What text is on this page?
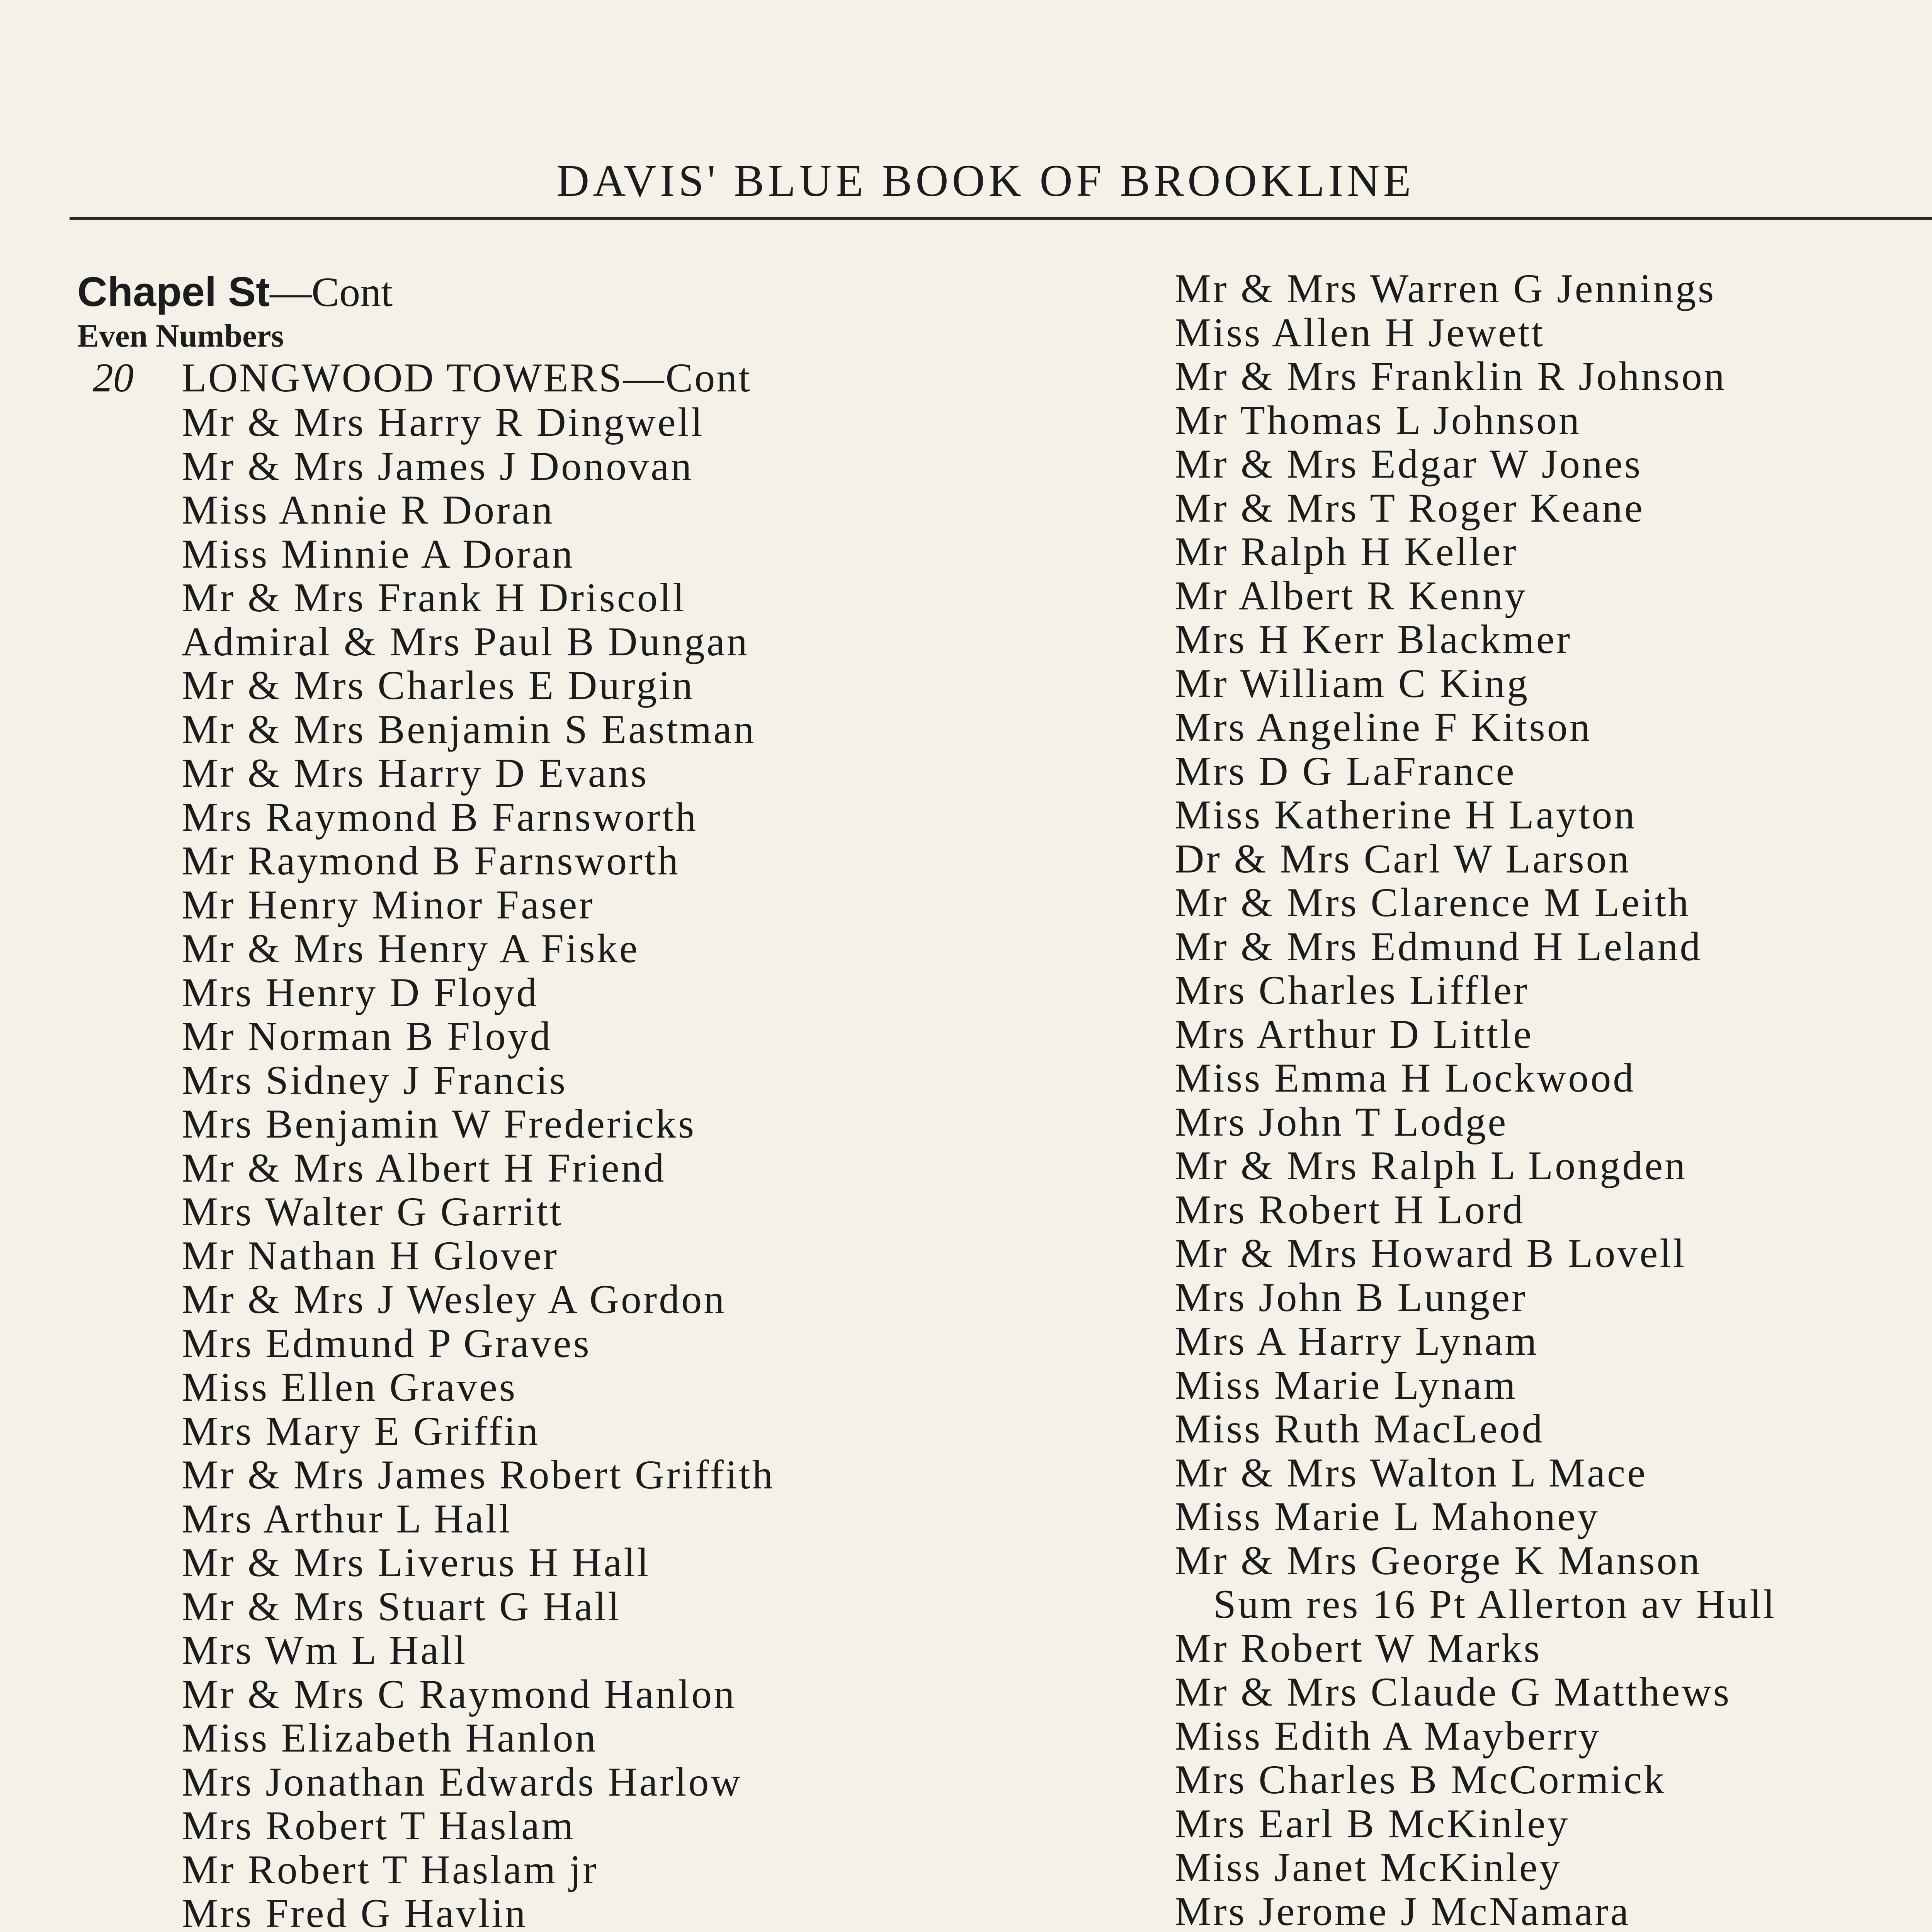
DAVIS' BLUE BOOK OF BROOKLINE
Chapel St—Cont
Even Numbers
20 LONGWOOD TOWERS—Cont
Mr & Mrs Harry R Dingwell
Mr & Mrs James J Donovan
Miss Annie R Doran
Miss Minnie A Doran
Mr & Mrs Frank H Driscoll
Admiral & Mrs Paul B Dungan
Mr & Mrs Charles E Durgin
Mr & Mrs Benjamin S Eastman
Mr & Mrs Harry D Evans
Mrs Raymond B Farnsworth
Mr Raymond B Farnsworth
Mr Henry Minor Faser
Mr & Mrs Henry A Fiske
Mrs Henry D Floyd
Mr Norman B Floyd
Mrs Sidney J Francis
Mrs Benjamin W Fredericks
Mr & Mrs Albert H Friend
Mrs Walter G Garritt
Mr Nathan H Glover
Mr & Mrs J Wesley A Gordon
Mrs Edmund P Graves
Miss Ellen Graves
Mrs Mary E Griffin
Mr & Mrs James Robert Griffith
Mrs Arthur L Hall
Mr & Mrs Liverus H Hall
Mr & Mrs Stuart G Hall
Mrs Wm L Hall
Mr & Mrs C Raymond Hanlon
Miss Elizabeth Hanlon
Mrs Jonathan Edwards Harlow
Mrs Robert T Haslam
Mr Robert T Haslam jr
Mrs Fred G Havlin
Mr & Mrs Warren G Jennings
Miss Allen H Jewett
Mr & Mrs Franklin R Johnson
Mr Thomas L Johnson
Mr & Mrs Edgar W Jones
Mr & Mrs T Roger Keane
Mr Ralph H Keller
Mr Albert R Kenny
Mrs H Kerr Blackmer
Mr William C King
Mrs Angeline F Kitson
Mrs D G LaFrance
Miss Katherine H Layton
Dr & Mrs Carl W Larson
Mr & Mrs Clarence M Leith
Mr & Mrs Edmund H Leland
Mrs Charles Liffler
Mrs Arthur D Little
Miss Emma H Lockwood
Mrs John T Lodge
Mr & Mrs Ralph L Longden
Mrs Robert H Lord
Mr & Mrs Howard B Lovell
Mrs John B Lunger
Mrs A Harry Lynam
Miss Marie Lynam
Miss Ruth MacLeod
Mr & Mrs Walton L Mace
Miss Marie L Mahoney
Mr & Mrs George K Manson
Sum res 16 Pt Allerton av Hull
Mr Robert W Marks
Mr & Mrs Claude G Matthews
Miss Edith A Mayberry
Mrs Charles B McCormick
Mrs Earl B McKinley
Miss Janet McKinley
Mrs Jerome J McNamara
